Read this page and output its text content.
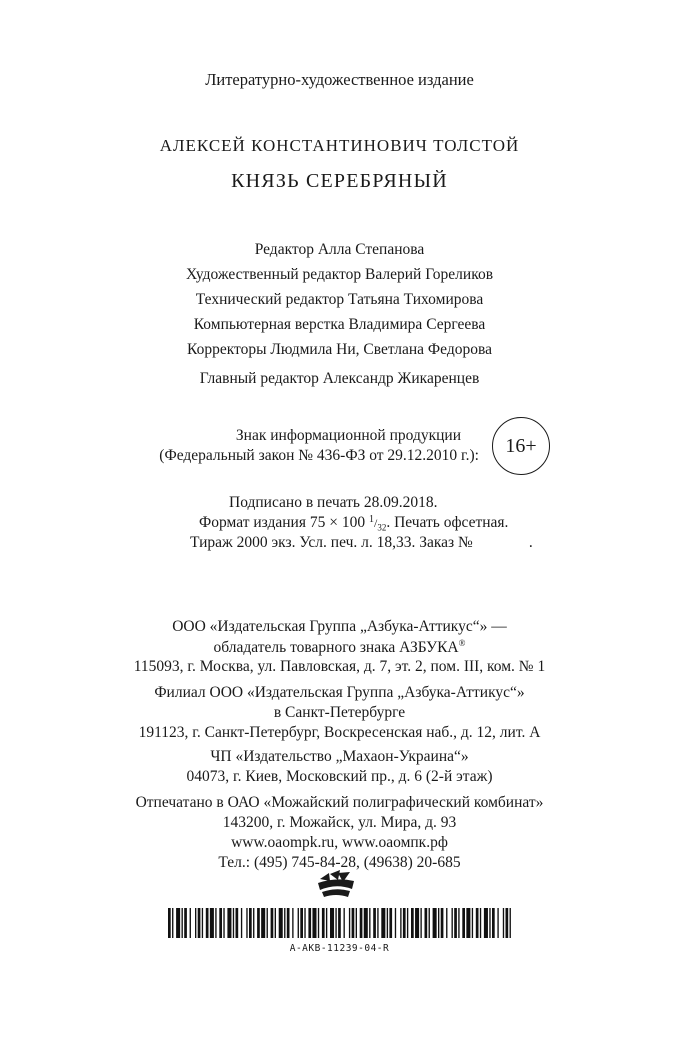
Литературно-художественное издание
АЛЕКСЕЙ КОНСТАНТИНОВИЧ ТОЛСТОЙ
КНЯЗЬ СЕРЕБРЯНЫЙ
Редактор Алла Степанова
Художественный редактор Валерий Гореликов
Технический редактор Татьяна Тихомирова
Компьютерная верстка Владимира Сергеева
Корректоры Людмила Ни, Светлана Федорова
Главный редактор Александр Жикаренцев
Знак информационной продукции
(Федеральный закон № 436-ФЗ от 29.12.2010 г.): 16+
Подписано в печать 28.09.2018.
Формат издания 75 × 100 $^1/_{32}$. Печать офсетная.
Тираж 2000 экз. Усл. печ. л. 18,33. Заказ №	.
ООО «Издательская Группа „Азбука-Аттикус“» —
обладатель товарного знака АЗБУКА®
115093, г. Москва, ул. Павловская, д. 7, эт. 2, пом. III, ком. № 1
Филиал ООО «Издательская Группа „Азбука-Аттикус“»
в Санкт-Петербурге
191123, г. Санкт-Петербург, Воскресенская наб., д. 12, лит. А
ЧП «Издательство „Махаон-Украина“»
04073, г. Киев, Московский пр., д. 6 (2-й этаж)
Отпечатано в ОАО «Можайский полиграфический комбинат»
143200, г. Можайск, ул. Мира, д. 93
www.oaompk.ru, www.оаомпк.рф
Тел.: (495) 745-84-28, (49638) 20-685
A-AKB-11239-04-R
